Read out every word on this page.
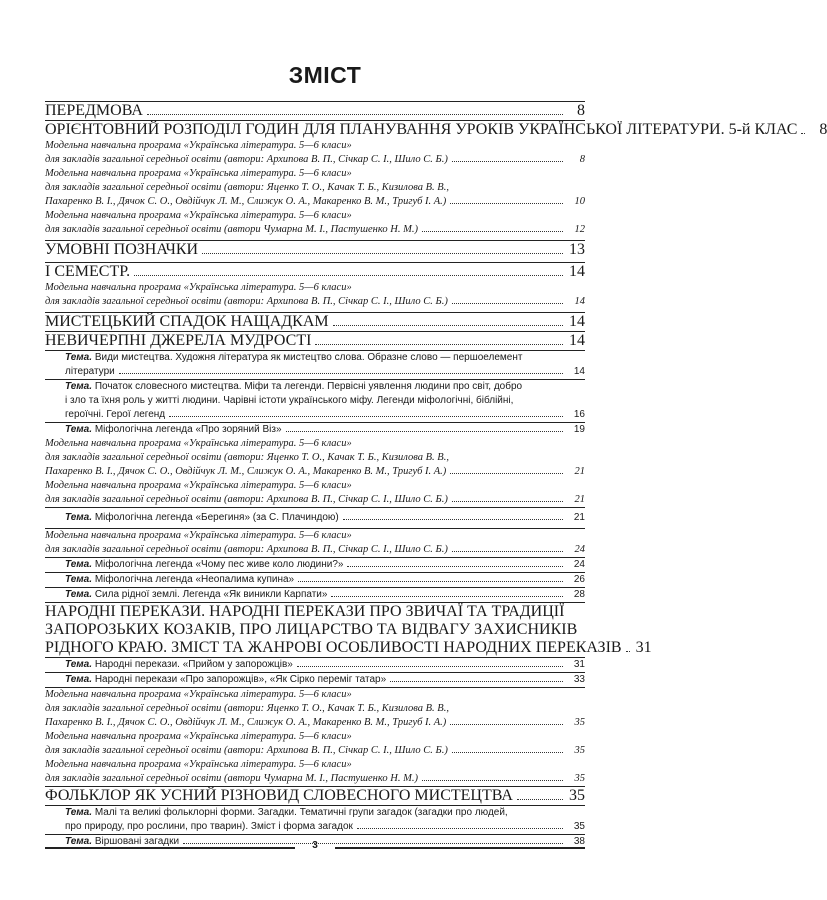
ЗМІСТ
ПЕРЕДМОВА	8
ОРІЄНТОВНИЙ РОЗПОДІЛ ГОДИН ДЛЯ ПЛАНУВАННЯ УРОКІВ УКРАЇНСЬКОЇ ЛІТЕРАТУРИ. 5-й КЛАС	8
Модельна навчальна програма «Українська література. 5—6 класи»
для закладів загальної середньої освіти (автори: Архипова В. П., Січкар С. І., Шило С. Б.)	8
Модельна навчальна програма «Українська література. 5—6 класи»
для закладів загальної середньої освіти (автори: Яценко Т. О., Качак Т. Б., Кизилова В. В.,
Пахаренко В. І., Дячок С. О., Овдійчук Л. М., Слижук О. А., Макаренко В. М., Тригуб І. А.)	10
Модельна навчальна програма «Українська література. 5—6 класи»
для закладів загальної середньої освіти (автори Чумарна М. І., Пастушенко Н. М.)	12
УМОВНІ ПОЗНАЧКИ	13
І СЕМЕСТР.	14
Модельна навчальна програма «Українська література. 5—6 класи»
для закладів загальної середньої освіти (автори: Архипова В. П., Січкар С. І., Шило С. Б.)	14
МИСТЕЦЬКИЙ СПАДОК НАЩАДКАМ	14
НЕВИЧЕРПНІ ДЖЕРЕЛА МУДРОСТІ	14
Тема. Види мистецтва. Художня література як мистецтво слова. Образне слово — першоелемент
літератури	14
Тема. Початок словесного мистецтва. Міфи та легенди. Первісні уявлення людини про світ, добро
і зло та їхня роль у житті людини. Чарівні істоти українського міфу. Легенди міфологічні, біблійні,
героїчні. Герої легенд	16
Тема. Міфологічна легенда «Про зоряний Віз»	19
Модельна навчальна програма «Українська література. 5—6 класи»
для закладів загальної середньої освіти (автори: Яценко Т. О., Качак Т. Б., Кизилова В. В.,
Пахаренко В. І., Дячок С. О., Овдійчук Л. М., Слижук О. А., Макаренко В. М., Тригуб І. А.)	21
Модельна навчальна програма «Українська література. 5—6 класи»
для закладів загальної середньої освіти (автори: Архипова В. П., Січкар С. І., Шило С. Б.)	21
Тема. Міфологічна легенда «Берегиня» (за С. Плачиндою)	21
Модельна навчальна програма «Українська література. 5—6 класи»
для закладів загальної середньої освіти (автори: Архипова В. П., Січкар С. І., Шило С. Б.)	24
Тема. Міфологічна легенда «Чому пес живе коло людини?»	24
Тема. Міфологічна легенда «Неопалима купина»	26
Тема. Сила рідної землі. Легенда «Як виникли Карпати»	28
НАРОДНІ ПЕРЕКАЗИ. НАРОДНІ ПЕРЕКАЗИ ПРО ЗВИЧАЇ ТА ТРАДИЦІЇ
ЗАПОРОЗЬКИХ КОЗАКІВ, ПРО ЛИЦАРСТВО ТА ВІДВАГУ ЗАХИСНИКІВ
РІДНОГО КРАЮ. ЗМІСТ ТА ЖАНРОВІ ОСОБЛИВОСТІ НАРОДНИХ ПЕРЕКАЗІВ 31
Тема. Народні перекази. «Прийом у запорожців»	31
Тема. Народні перекази «Про запорожців», «Як Сірко переміг татар»	33
Модельна навчальна програма «Українська література. 5—6 класи»
для закладів загальної середньої освіти (автори: Яценко Т. О., Качак Т. Б., Кизилова В. В.,
Пахаренко В. І., Дячок С. О., Овдійчук Л. М., Слижук О. А., Макаренко В. М., Тригуб І. А.)	35
Модельна навчальна програма «Українська література. 5—6 класи»
для закладів загальної середньої освіти (автори: Архипова В. П., Січкар С. І., Шило С. Б.)	35
Модельна навчальна програма «Українська література. 5—6 класи»
для закладів загальної середньої освіти (автори Чумарна М. І., Пастушенко Н. М.)	35
ФОЛЬКЛОР ЯК УСНИЙ РІЗНОВИД СЛОВЕСНОГО МИСТЕЦТВА	35
Тема. Малі та великі фольклорні форми. Загадки. Тематичні групи загадок (загадки про людей,
про природу, про рослини, про тварин). Зміст і форма загадок	35
Тема. Віршовані загадки	38
3
